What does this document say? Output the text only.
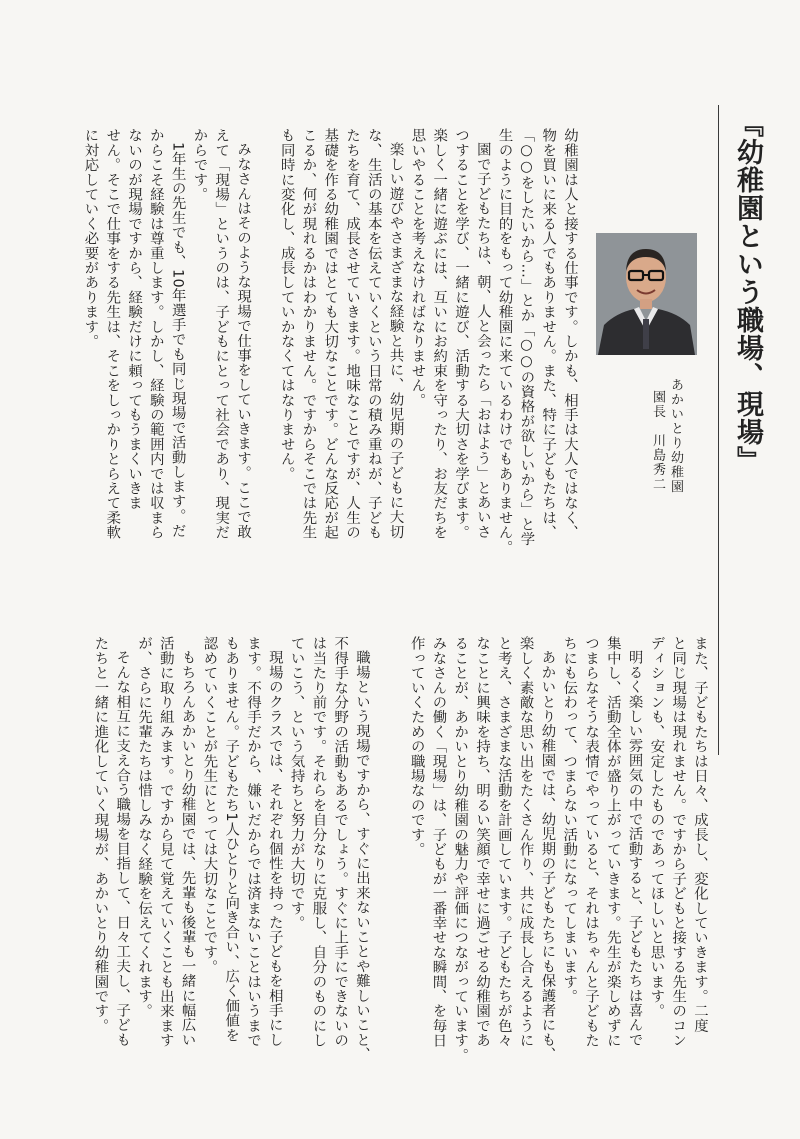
『幼稚園という職場、現場』
あかいとり幼稚園
園長　川島秀二
幼稚園は人と接する仕事です。しかも、相手は大人ではなく、
物を買いに来る人でもありません。また、特に子どもたちは、
「○○をしたいから…」とか「○○の資格が欲しいから」と学
生のように目的をもって幼稚園に来ているわけでもありません。
園で子どもたちは、朝、人と会ったら「おはよう」とあいさ
つすることを学び、一緒に遊び、活動する大切さを学びます。
楽しく一緒に遊ぶには、互いにお約束を守ったり、お友だちを
思いやることを考えなければなりません。
楽しい遊びやさまざまな経験と共に、幼児期の子どもに大切
な、生活の基本を伝えていくという日常の積み重ねが、子ども
たちを育て、成長させていきます。地味なことですが、人生の
基礎を作る幼稚園ではとても大切なことです。どんな反応が起
こるか、何が現れるかはわかりません。ですからそこでは先生
も同時に変化し、成長していかなくてはなりません。
みなさんはそのような現場で仕事をしていきます。ここで敢
えて「現場」というのは、子どもにとって社会であり、現実だ
からです。
1年生の先生でも、10年選手でも同じ現場で活動します。だ
からこそ経験は尊重します。しかし、経験の範囲内では収まら
ないのが現場ですから、経験だけに頼ってもうまくいきま
せん。そこで仕事をする先生は、そこをしっかりとらえて柔軟
に対応していく必要があります。
また、子どもたちは日々、成長し、変化していきます。二度
と同じ現場は現れません。ですから子どもと接する先生のコン
ディションも、安定したものであってほしいと思います。
明るく楽しい雰囲気の中で活動すると、子どもたちは喜んで
集中し、活動全体が盛り上がっていきます。先生が楽しめずに
つまらなそうな表情でやっていると、それはちゃんと子どもた
ちにも伝わって、つまらない活動になってしまいます。
あかいとり幼稚園では、幼児期の子どもたちにも保護者にも、
楽しく素敵な思い出をたくさん作り、共に成長し合えるように
と考え、さまざまな活動を計画しています。子どもたちが色々
なことに興味を持ち、明るい笑顔で幸せに過ごせる幼稚園であ
ることが、あかいとり幼稚園の魅力や評価につながっています。
みなさんの働く「現場」は、子どもが一番幸せな瞬間、を毎日
作っていくための職場なのです。
職場という現場ですから、すぐに出来ないことや難しいこと、
不得手な分野の活動もあるでしょう。すぐに上手にできないの
は当たり前です。それらを自分なりに克服し、自分のものにし
ていこう、という気持ちと努力が大切です。
現場のクラスでは、それぞれ個性を持った子どもを相手にし
ます。不得手だから、嫌いだからでは済まないことはいうまで
もありません。子どもたち1人ひとりと向き合い、広く価値を
認めていくことが先生にとっては大切なことです。
もちろんあかいとり幼稚園では、先輩も後輩も一緒に幅広い
活動に取り組みます。ですから見て覚えていくことも出来ます
が、さらに先輩たちは惜しみなく経験を伝えてくれます。
そんな相互に支え合う職場を目指して、日々工夫し、子ども
たちと一緒に進化していく現場が、あかいとり幼稚園です。
